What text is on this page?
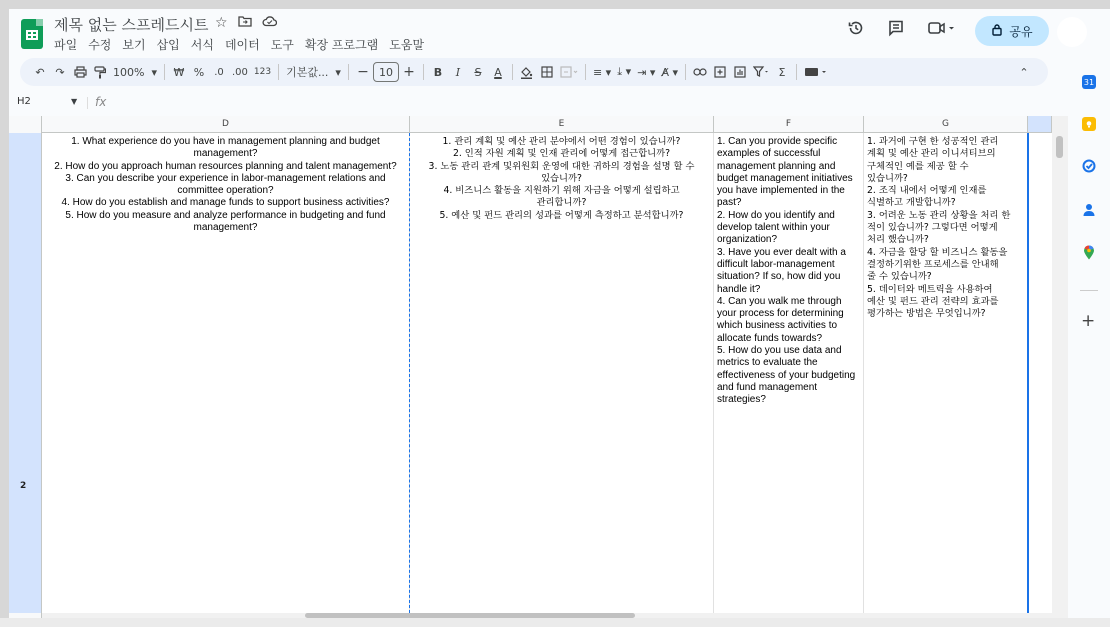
제목 없는 스프레드시트 ☆
파일 수정 보기 삽입 서식 데이터 도구 확장 프로그램 도움말
공유
↶ ↷	100% ▾	₩ %	.0 .00 123 기본값... ▾ − 10 +	B	I	S	A	≡ ▾ ⤓ ▾ ⇥ ▾ A̸ ▾	Σ	⌃
H2	▼ fx
2
D	E	F	G
1. What experience do you have in management planning and budget
management?
2. How do you approach human resources planning and talent management?
3. Can you describe your experience in labor-management relations and
committee operation?
4. How do you establish and manage funds to support business activities?
5. How do you measure and analyze performance in budgeting and fund
management?
1. 관리 계획 및 예산 관리 분야에서 어떤 경험이 있습니까?
2. 인적 자원 계획 및 인재 관리에 어떻게 접근합니까?
3. 노동 관리 관계 및위원회 운영에 대한 귀하의 경험을 설명 할 수
있습니까?
4. 비즈니스 활동을 지원하기 위해 자금을 어떻게 설립하고
관리합니까?
5. 예산 및 펀드 관리의 성과를 어떻게 측정하고 분석합니까?
1. Can you provide specific
examples of successful
management planning and
budget management initiatives
you have implemented in the
past?
2. How do you identify and
develop talent within your
organization?
3. Have you ever dealt with a
difficult labor-management
situation? If so, how did you
handle it?
4. Can you walk me through
your process for determining
which business activities to
allocate funds towards?
5. How do you use data and
metrics to evaluate the
effectiveness of your budgeting
and fund management
strategies?
1. 과거에 구현 한 성공적인 관리
계획 및 예산 관리 이니셔티브의
구체적인 예를 제공 할 수
있습니까?
2. 조직 내에서 어떻게 인재를
식별하고 개발합니까?
3. 어려운 노동 관리 상황을 처리 한
적이 있습니까? 그렇다면 어떻게
처리 했습니까?
4. 자금을 할당 할 비즈니스 활동을
결정하기위한 프로세스를 안내해
줄 수 있습니까?
5. 데이터와 메트릭을 사용하여
예산 및 펀드 관리 전략의 효과를
평가하는 방법은 무엇입니까?
31
+
